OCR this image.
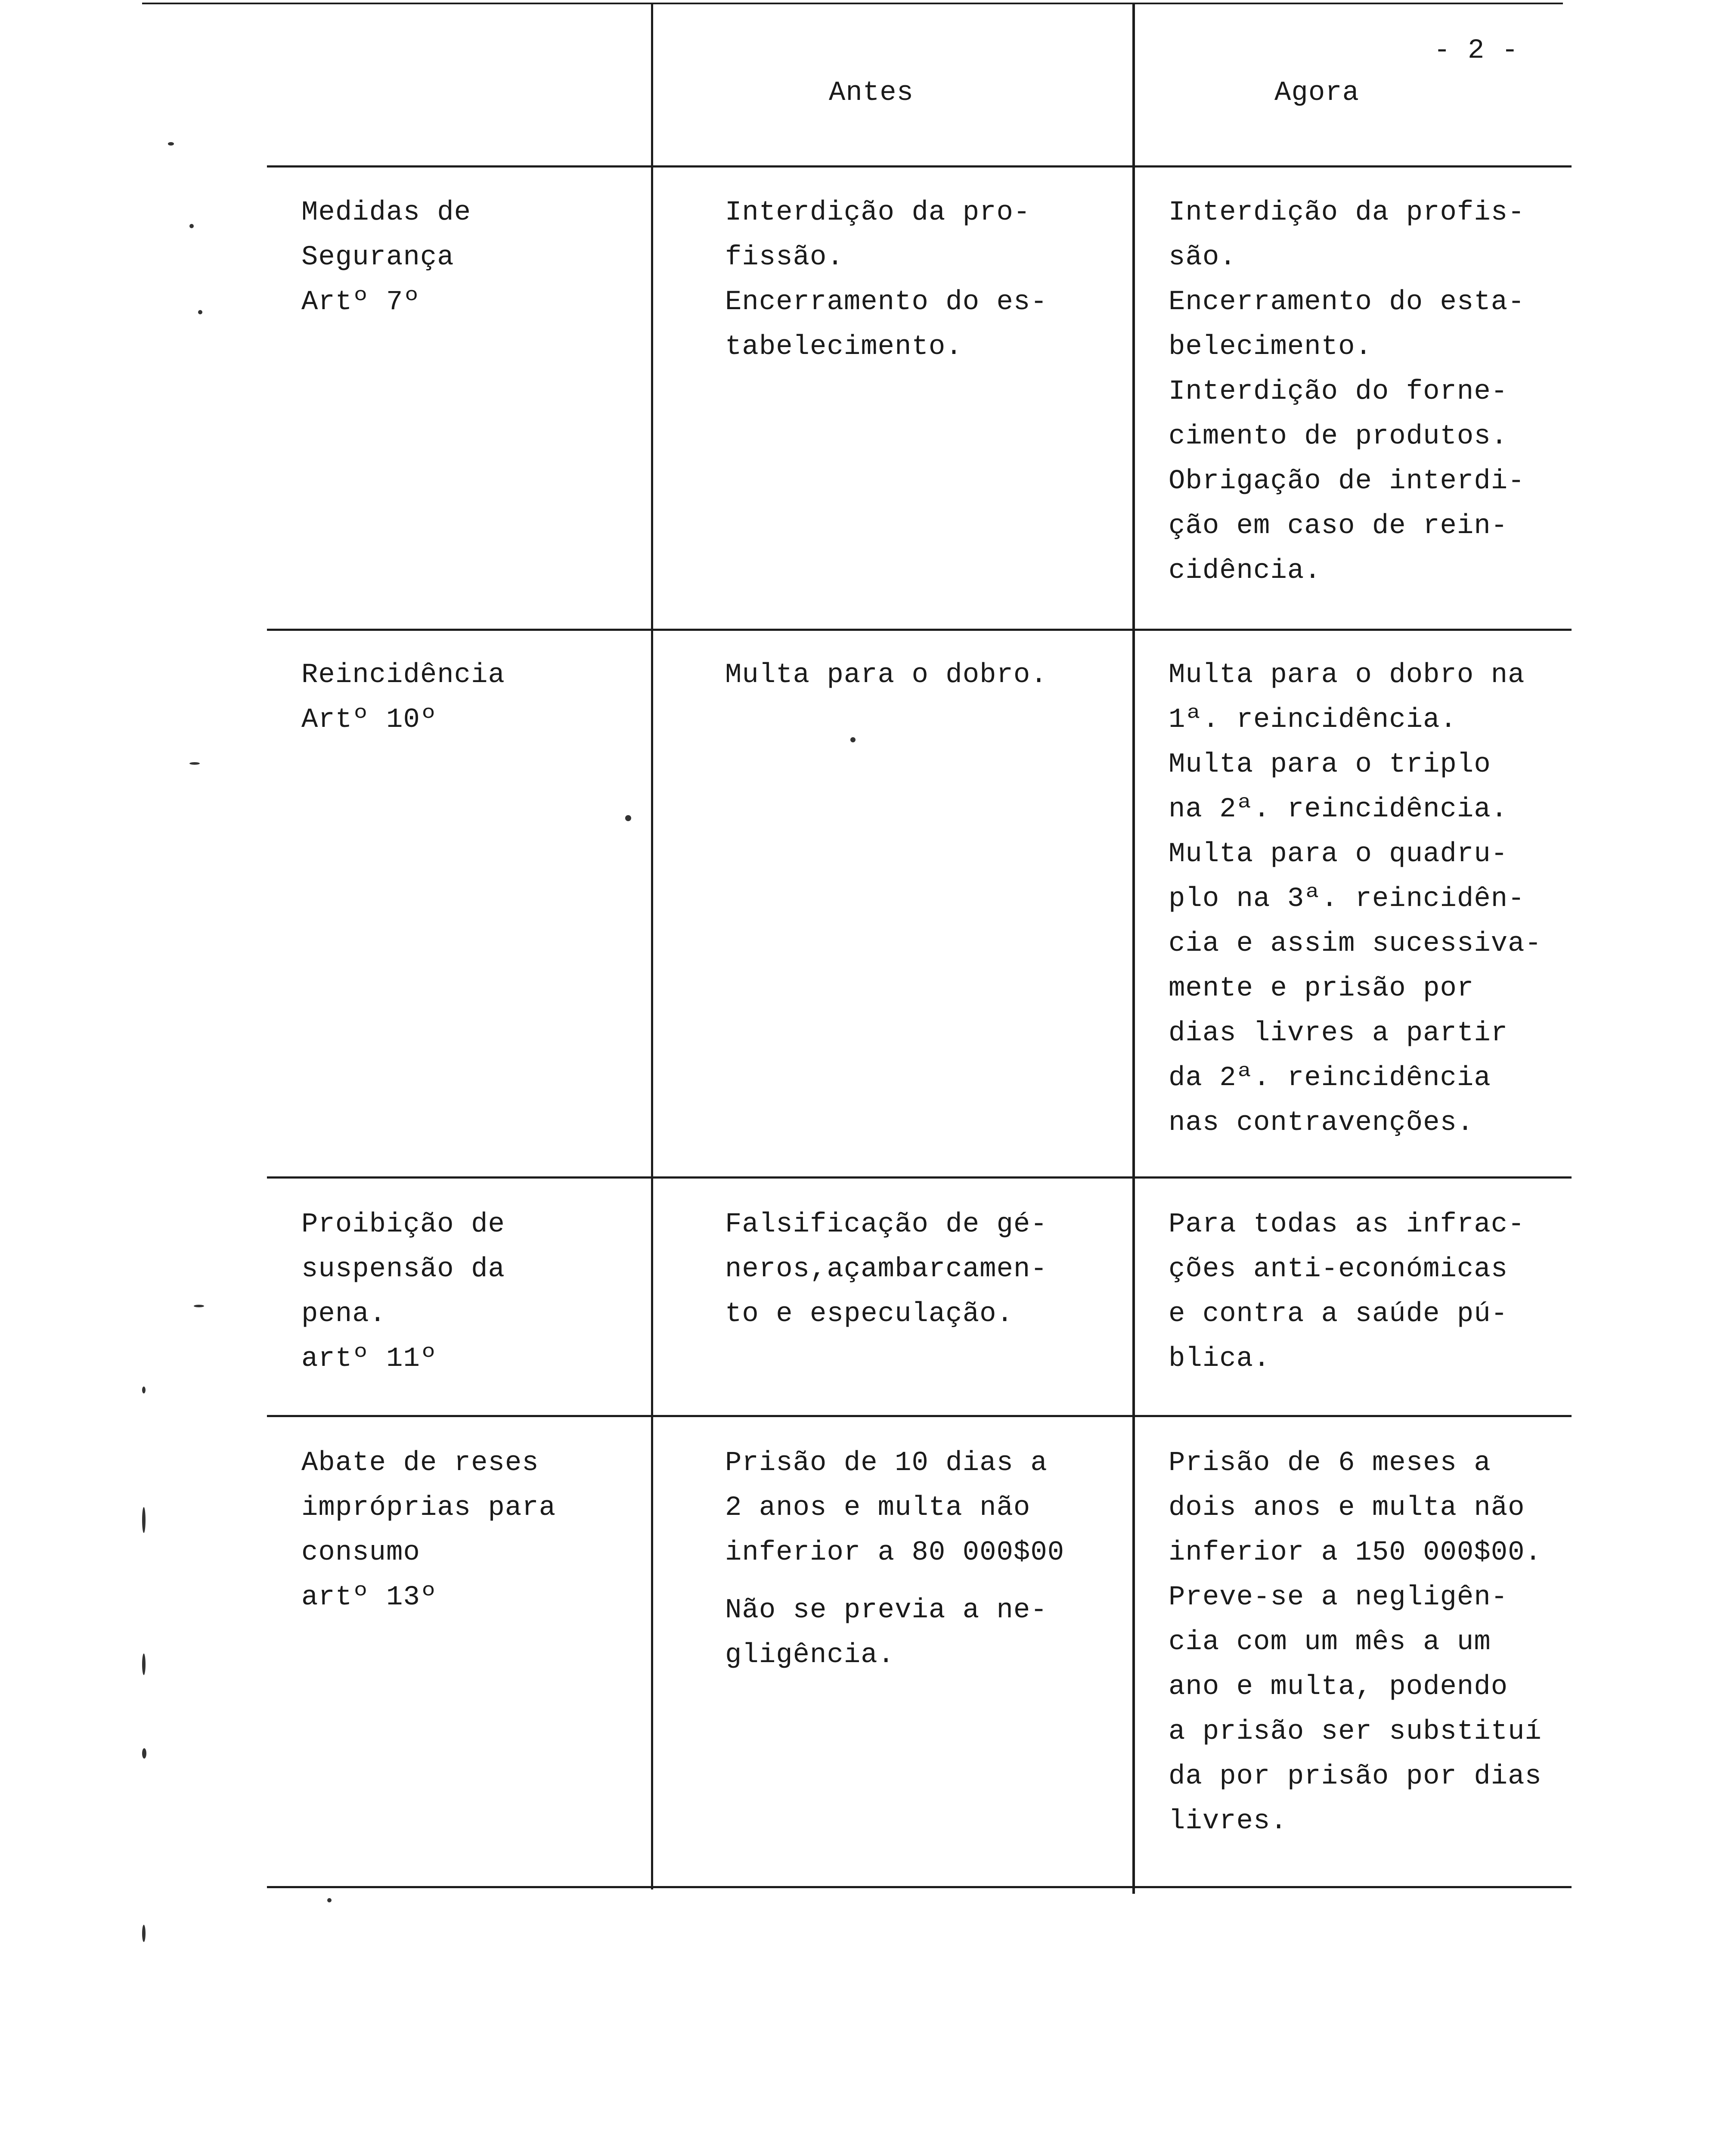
- 2 -
Antes	Agora
Medidas de
Segurança
Artº 7º
Interdição da pro-
fissão.
Encerramento do es-
tabelecimento.
Interdição da profis-
são.
Encerramento do esta-
belecimento.
Interdição do forne-
cimento de produtos.
Obrigação de interdi-
ção em caso de rein-
cidência.
Reincidência
Artº 10º
Multa para o dobro.	Multa para o dobro na
1ª. reincidência.
Multa para o triplo
na 2ª. reincidência.
Multa para o quadru-
plo na 3ª. reincidên-
cia e assim sucessiva-
mente e prisão por
dias livres a partir
da 2ª. reincidência
nas contravenções.
Proibição de
suspensão da
pena.
artº 11º
Falsificação de gé-
neros,açambarcamen-
to e especulação.
Para todas as infrac-
ções anti-económicas
e contra a saúde pú-
blica.
Abate de reses
impróprias para
consumo
artº 13º
Prisão de 10 dias a
2 anos e multa não
inferior a 80 000$00
Não se previa a ne-
gligência.
Prisão de 6 meses a
dois anos e multa não
inferior a 150 000$00.
Preve-se a negligên-
cia com um mês a um
ano e multa, podendo
a prisão ser substituí
da por prisão por dias
livres.
